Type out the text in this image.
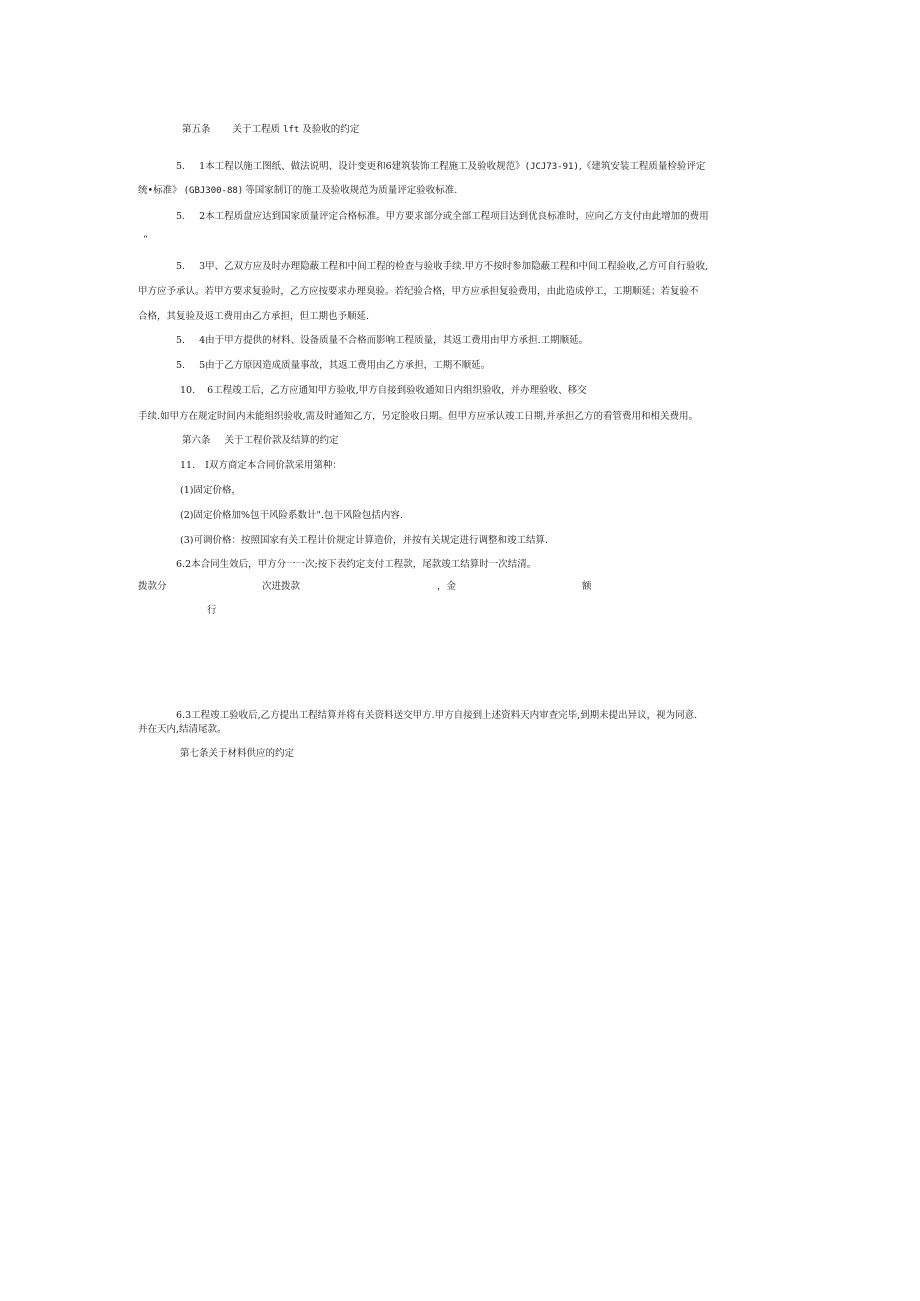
第五条 关于工程质 lft 及验收的约定
5. 1本工程以施工图纸、做法说明、设计变更和6建筑装饰工程施工及验收规范》(JCJ73-91),《建筑安装工程质量检验评定
统•标准》 (GBJ300-88) 等国家制订的施工及验收规范为质量评定验收标准.
5. 2本工程质盘应达到国家质量评定合格标准。甲方要求部分或全部工程项目达到优良标准时，应向乙方支付由此增加的费用
“
5. 3甲、乙双方应及时办理隐蔽工程和中间工程的检查与验收手续.甲方不按时参加隐蔽工程和中间工程验收,乙方可自行验收,
甲方应予承认。若甲方要求复验时，乙方应按要求办理臭验。若纪验合格，甲方应承担复验费用，由此造成停工，工期顺延；若复验不
合格，其复验及返工费用由乙方承担，但工期也予顺延.
5. 4由于甲方提供的材料、设备质量不合格而影响工程质量，其返工费用由甲方承担.工期顺延。
5. 5由于乙方原因造成质量事故，其返工费用由乙方承担，工期不顺延。
10. 6工程竣工后，乙方应通知甲方验收,甲方自接到验收通知日内组织验收，并办理验收、移交
手续.如甲方在规定时间内未能组织验收,需及时通知乙方，另定脸收日期。但甲方应承认竣工日期,并承担乙方的看管费用和相关费用。
第六条 关于工程价款及结算的约定
11. I双方商定本合同价款采用第种：
(1)固定价格，
(2)固定价格加%包干风险系数计".包干风险包括内容.
(3)可调价格：按照国家有关工程计价规定计算造价，并按有关规定进行调整和竣工结算.
6.2本合同生效后，甲方分一一次;按下表约定支付工程款，尾款竣工结算时一次结清。
拨款分	次进拨款	，金	额
行
6.3工程竣工验收后,乙方提出工程结算并将有关资料送交甲方.甲方自接到上述资料天内审查完毕,到期未提出异议，视为同意.
并在天内,结清尾款。
第七条关于材料供应的约定
